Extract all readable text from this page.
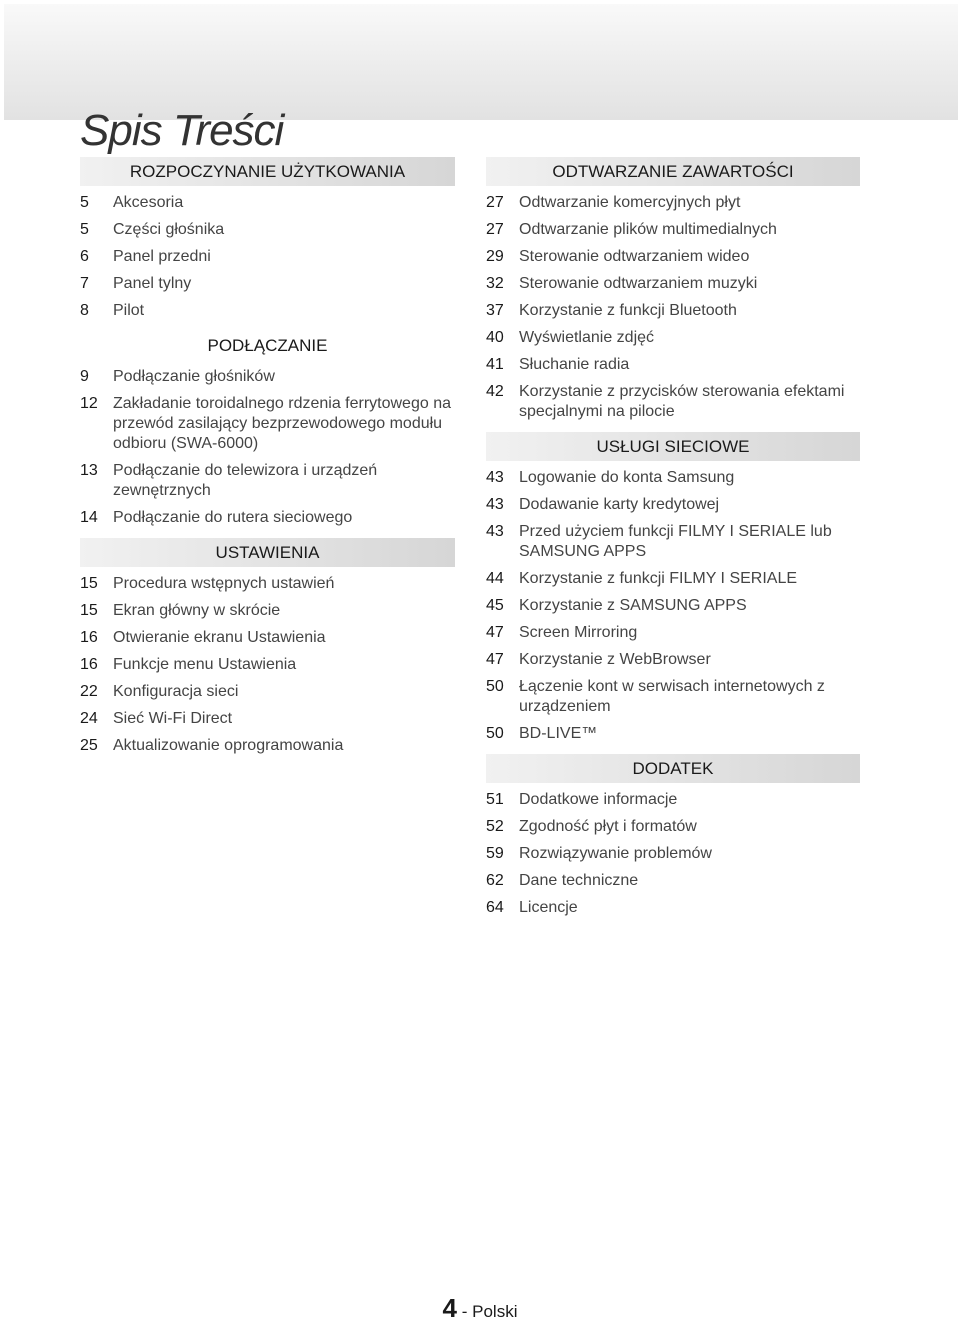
Spis Treści
ROZPOCZYNANIE UŻYTKOWANIA
5	Akcesoria
5	Części głośnika
6	Panel przedni
7	Panel tylny
8	Pilot
PODŁĄCZANIE
9	Podłączanie głośników
12 Zakładanie toroidalnego rdzenia ferrytowego na przewód zasilający bezprzewodowego modułu odbioru (SWA-6000)
13 Podłączanie do telewizora i urządzeń zewnętrznych
14 Podłączanie do rutera sieciowego
USTAWIENIA
15 Procedura wstępnych ustawień
15 Ekran główny w skrócie
16 Otwieranie ekranu Ustawienia
16 Funkcje menu Ustawienia
22 Konfiguracja sieci
24 Sieć Wi-Fi Direct
25 Aktualizowanie oprogramowania
ODTWARZANIE ZAWARTOŚCI
27 Odtwarzanie komercyjnych płyt
27 Odtwarzanie plików multimedialnych
29 Sterowanie odtwarzaniem wideo
32 Sterowanie odtwarzaniem muzyki
37 Korzystanie z funkcji Bluetooth
40 Wyświetlanie zdjęć
41 Słuchanie radia
42 Korzystanie z przycisków sterowania efektami specjalnymi na pilocie
USŁUGI SIECIOWE
43 Logowanie do konta Samsung
43 Dodawanie karty kredytowej
43 Przed użyciem funkcji FILMY I SERIALE lub SAMSUNG APPS
44 Korzystanie z funkcji FILMY I SERIALE
45 Korzystanie z SAMSUNG APPS
47 Screen Mirroring
47 Korzystanie z WebBrowser
50 Łączenie kont w serwisach internetowych z urządzeniem
50 BD-LIVE™
DODATEK
51 Dodatkowe informacje
52 Zgodność płyt i formatów
59 Rozwiązywanie problemów
62 Dane techniczne
64 Licencje
4 - Polski
